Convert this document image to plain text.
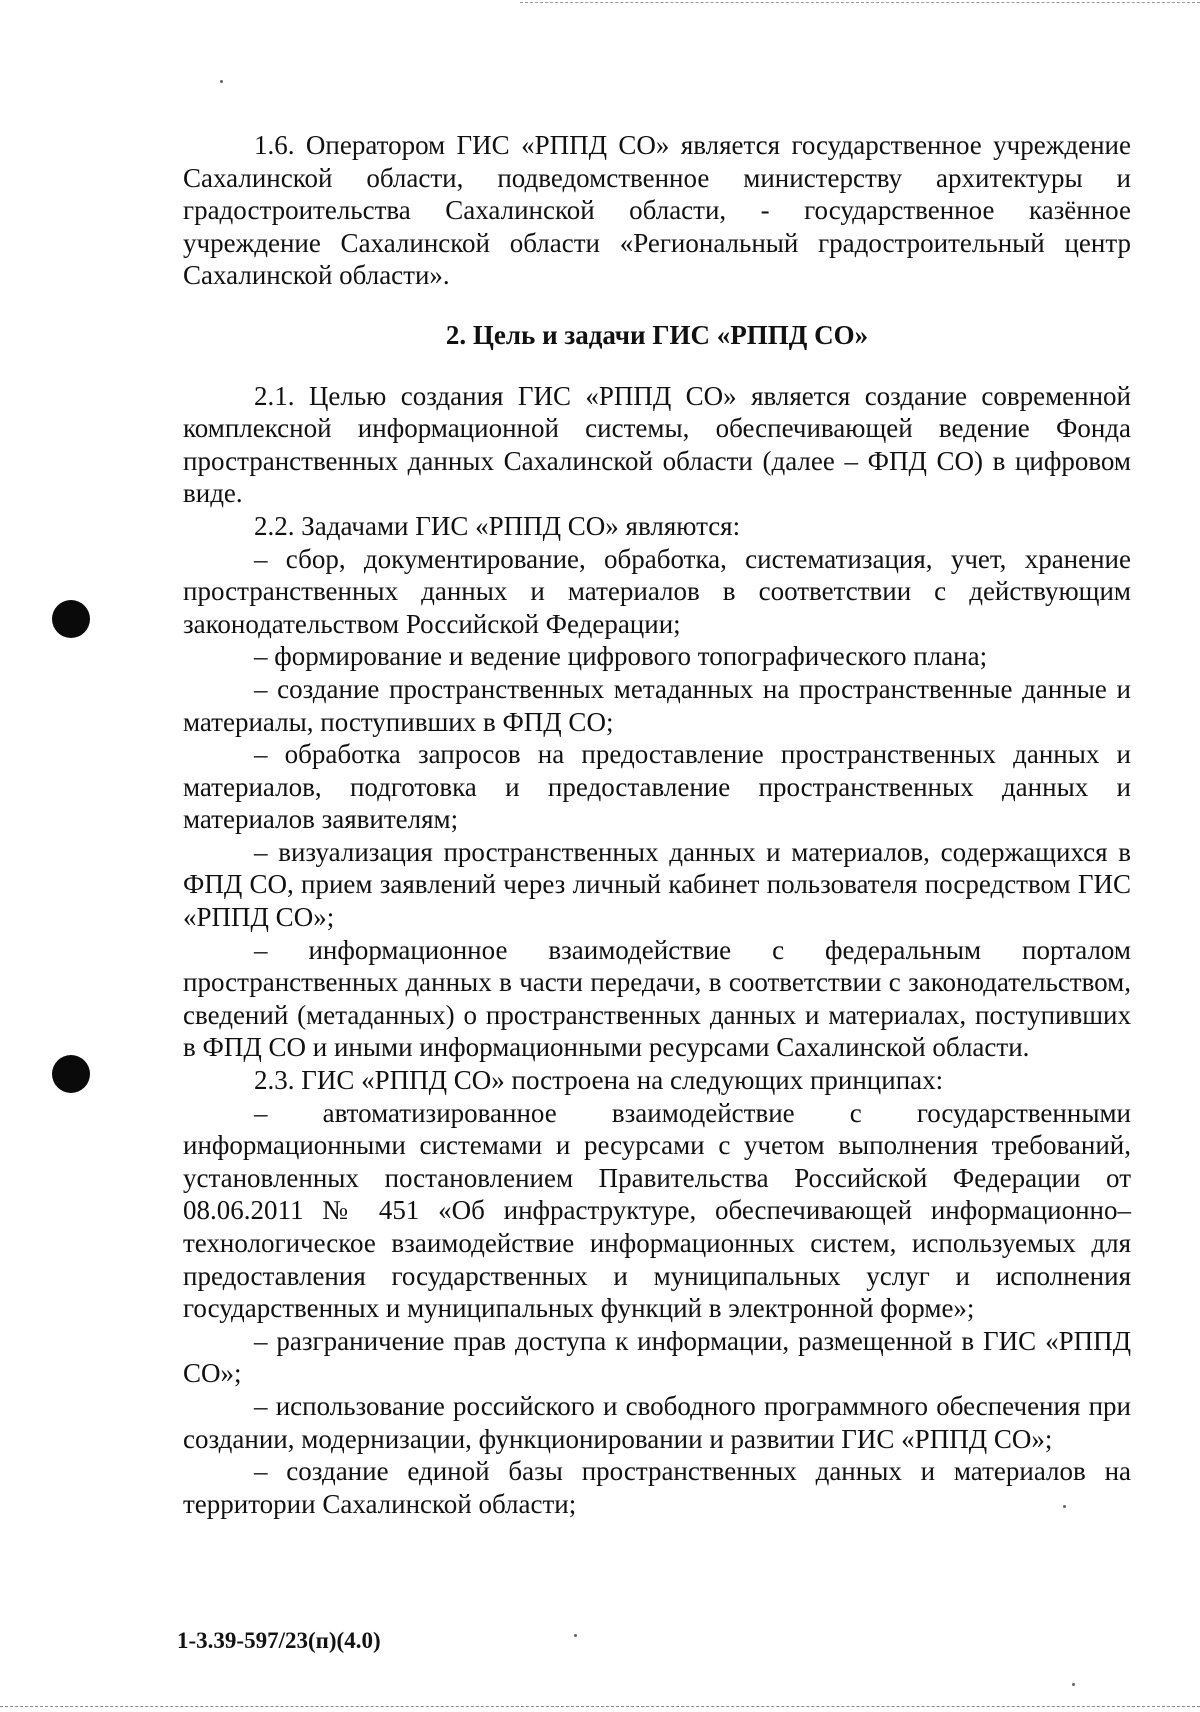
1.6. Оператором ГИС «РППД СО» является государственное учреждение Сахалинской области, подведомственное министерству архитектуры и градостроительства Сахалинской области, - государственное казённое учреждение Сахалинской области «Региональный градостроительный центр Сахалинской области».

2. Цель и задачи ГИС «РППД СО»

2.1. Целью создания ГИС «РППД СО» является создание современной комплексной информационной системы, обеспечивающей ведение Фонда пространственных данных Сахалинской области (далее – ФПД СО) в цифровом виде.

2.2. Задачами ГИС «РППД СО» являются:

– сбор, документирование, обработка, систематизация, учет, хранение пространственных данных и материалов в соответствии с действующим законодательством Российской Федерации;

– формирование и ведение цифрового топографического плана;

– создание пространственных метаданных на пространственные данные и материалы, поступивших в ФПД СО;

– обработка запросов на предоставление пространственных данных и материалов, подготовка и предоставление пространственных данных и материалов заявителям;

– визуализация пространственных данных и материалов, содержащихся в ФПД СО, прием заявлений через личный кабинет пользователя посредством ГИС «РППД СО»;

– информационное взаимодействие с федеральным порталом пространственных данных в части передачи, в соответствии с законодательством, сведений (метаданных) о пространственных данных и материалах, поступивших в ФПД СО и иными информационными ресурсами Сахалинской области.

2.3. ГИС «РППД СО» построена на следующих принципах:

– автоматизированное взаимодействие с государственными информационными системами и ресурсами с учетом выполнения требований, установленных постановлением Правительства Российской Федерации от 08.06.2011 № 451 «Об инфраструктуре, обеспечивающей информационно–технологическое взаимодействие информационных систем, используемых для предоставления государственных и муниципальных услуг и исполнения государственных и муниципальных функций в электронной форме»;

– разграничение прав доступа к информации, размещенной в ГИС «РППД СО»;

– использование российского и свободного программного обеспечения при создании, модернизации, функционировании и развитии ГИС «РППД СО»;

– создание единой базы пространственных данных и материалов на территории Сахалинской области;

1-3.39-597/23(п)(4.0)
